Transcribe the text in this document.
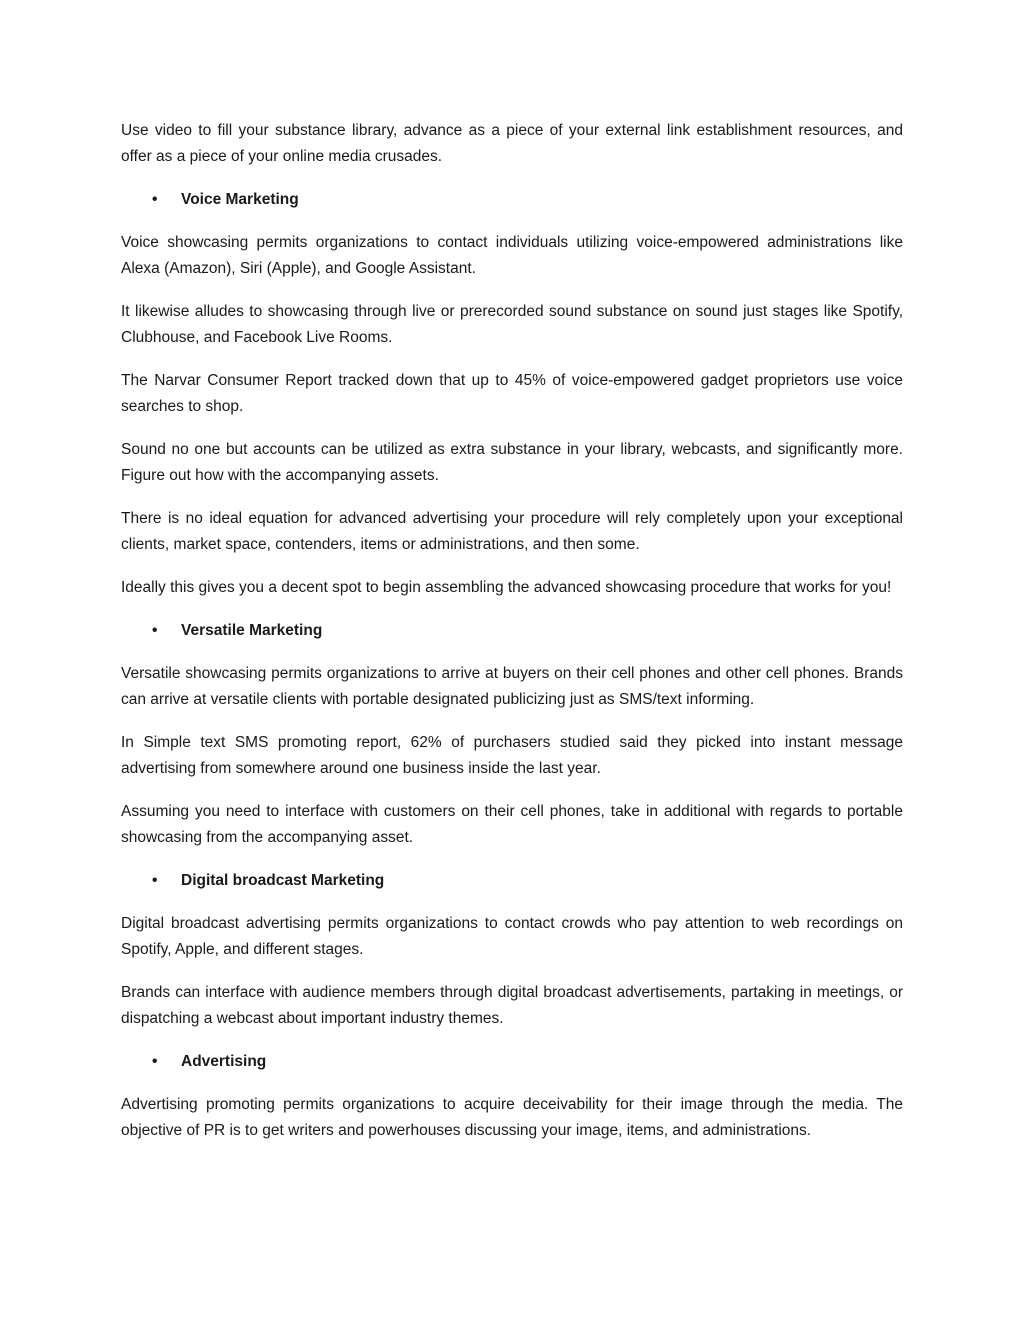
Use video to fill your substance library, advance as a piece of your external link establishment resources, and offer as a piece of your online media crusades.

•	Voice Marketing

Voice showcasing permits organizations to contact individuals utilizing voice-empowered administrations like Alexa (Amazon), Siri (Apple), and Google Assistant.

It likewise alludes to showcasing through live or prerecorded sound substance on sound just stages like Spotify, Clubhouse, and Facebook Live Rooms.

The Narvar Consumer Report tracked down that up to 45% of voice-empowered gadget proprietors use voice searches to shop.

Sound no one but accounts can be utilized as extra substance in your library, webcasts, and significantly more. Figure out how with the accompanying assets.

There is no ideal equation for advanced advertising your procedure will rely completely upon your exceptional clients, market space, contenders, items or administrations, and then some.

Ideally this gives you a decent spot to begin assembling the advanced showcasing procedure that works for you!

•	Versatile Marketing

Versatile showcasing permits organizations to arrive at buyers on their cell phones and other cell phones. Brands can arrive at versatile clients with portable designated publicizing just as SMS/text informing.

In Simple text SMS promoting report, 62% of purchasers studied said they picked into instant message advertising from somewhere around one business inside the last year.

Assuming you need to interface with customers on their cell phones, take in additional with regards to portable showcasing from the accompanying asset.

•	Digital broadcast Marketing

Digital broadcast advertising permits organizations to contact crowds who pay attention to web recordings on Spotify, Apple, and different stages.

Brands can interface with audience members through digital broadcast advertisements, partaking in meetings, or dispatching a webcast about important industry themes.

•	Advertising

Advertising promoting permits organizations to acquire deceivability for their image through the media. The objective of PR is to get writers and powerhouses discussing your image, items, and administrations.
